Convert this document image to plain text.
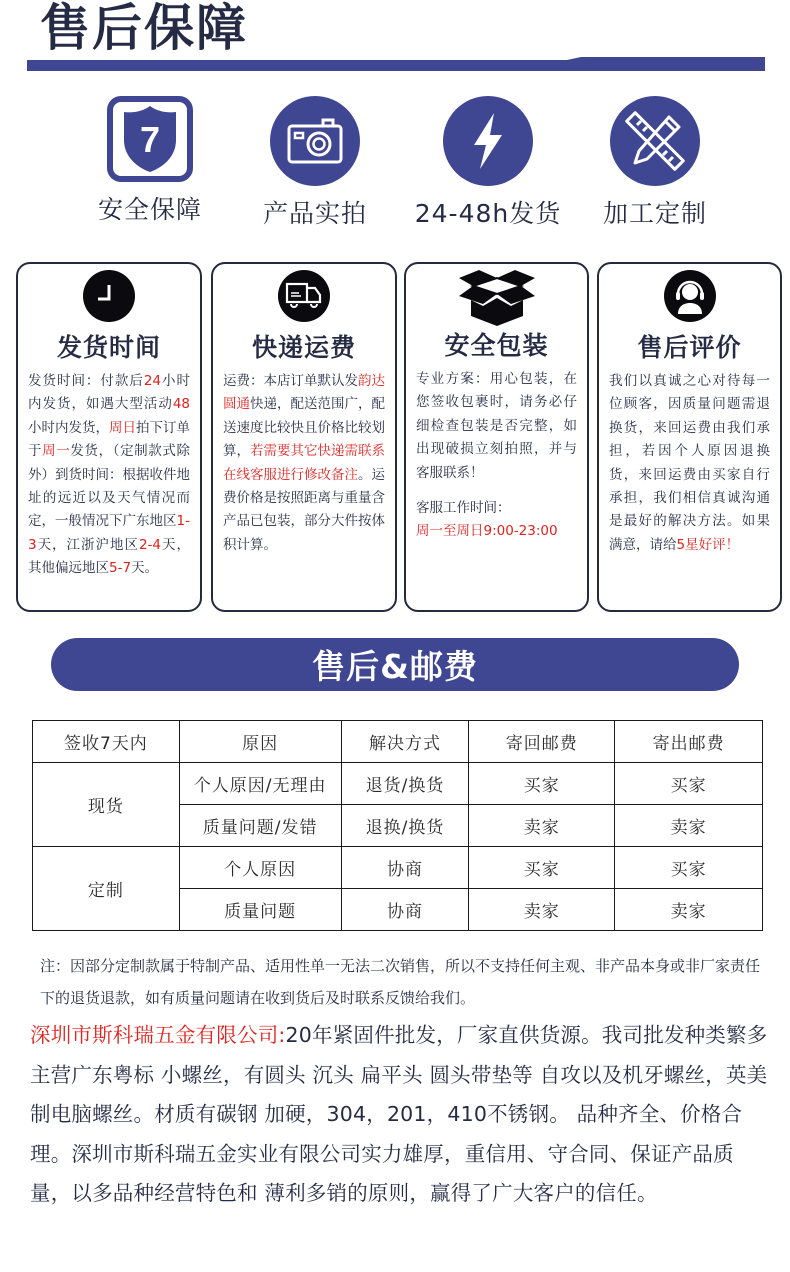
售后保障
7
安全保障	产品实拍	24-48h发货	加工定制
发货时间
发货时间：付款后24小时内发货，如遇大型活动48小时内发货，周日拍下订单于周一发货，（定制款式除外）到货时间：根据收件地址的远近以及天气情况而定，一般情况下广东地区1-3天，江浙沪地区2-4天，其他偏远地区5-7天。
快递运费
运费：本店订单默认发韵达圆通快递，配送范围广，配送速度比较快且价格比较划算，若需要其它快递需联系在线客服进行修改备注。运费价格是按照距离与重量含产品已包装，部分大件按体积计算。
安全包装

专业方案：用心包装，在您签收包裹时，请务必仔细检查包装是否完整，如出现破损立刻拍照，并与客服联系！

客服工作时间：

周一至周日9:00-23:00

售后评价
我们以真诚之心对待每一位顾客，因质量问题需退换货，来回运费由我们承担，若因个人原因退换货，来回运费由买家自行承担，我们相信真诚沟通是最好的解决方法。如果满意，请给5星好评！
售后&邮费
签收7天内	原因	解决方式	寄回邮费	寄出邮费
现货	个人原因/无理由	退货/换货	买家	买家
	质量问题/发错	退换/换货	卖家	卖家
定制	个人原因	协商	买家	买家
	质量问题	协商	卖家	卖家

注：因部分定制款属于特制产品、适用性单一无法二次销售，所以不支持任何主观、非产品本身或非厂家责任下的退货退款，如有质量问题请在收到货后及时联系反馈给我们。

深圳市斯科瑞五金有限公司:20年紧固件批发，厂家直供货源。我司批发种类繁多 主营广东粤标 小螺丝，有圆头 沉头 扁平头 圆头带垫等 自攻以及机牙螺丝，英美制电脑螺丝。材质有碳钢 加硬，304，201，410不锈钢。 品种齐全、价格合理。深圳市斯科瑞五金实业有限公司实力雄厚，重信用、守合同、保证产品质量，以多品种经营特色和 薄利多销的原则，赢得了广大客户的信任。
